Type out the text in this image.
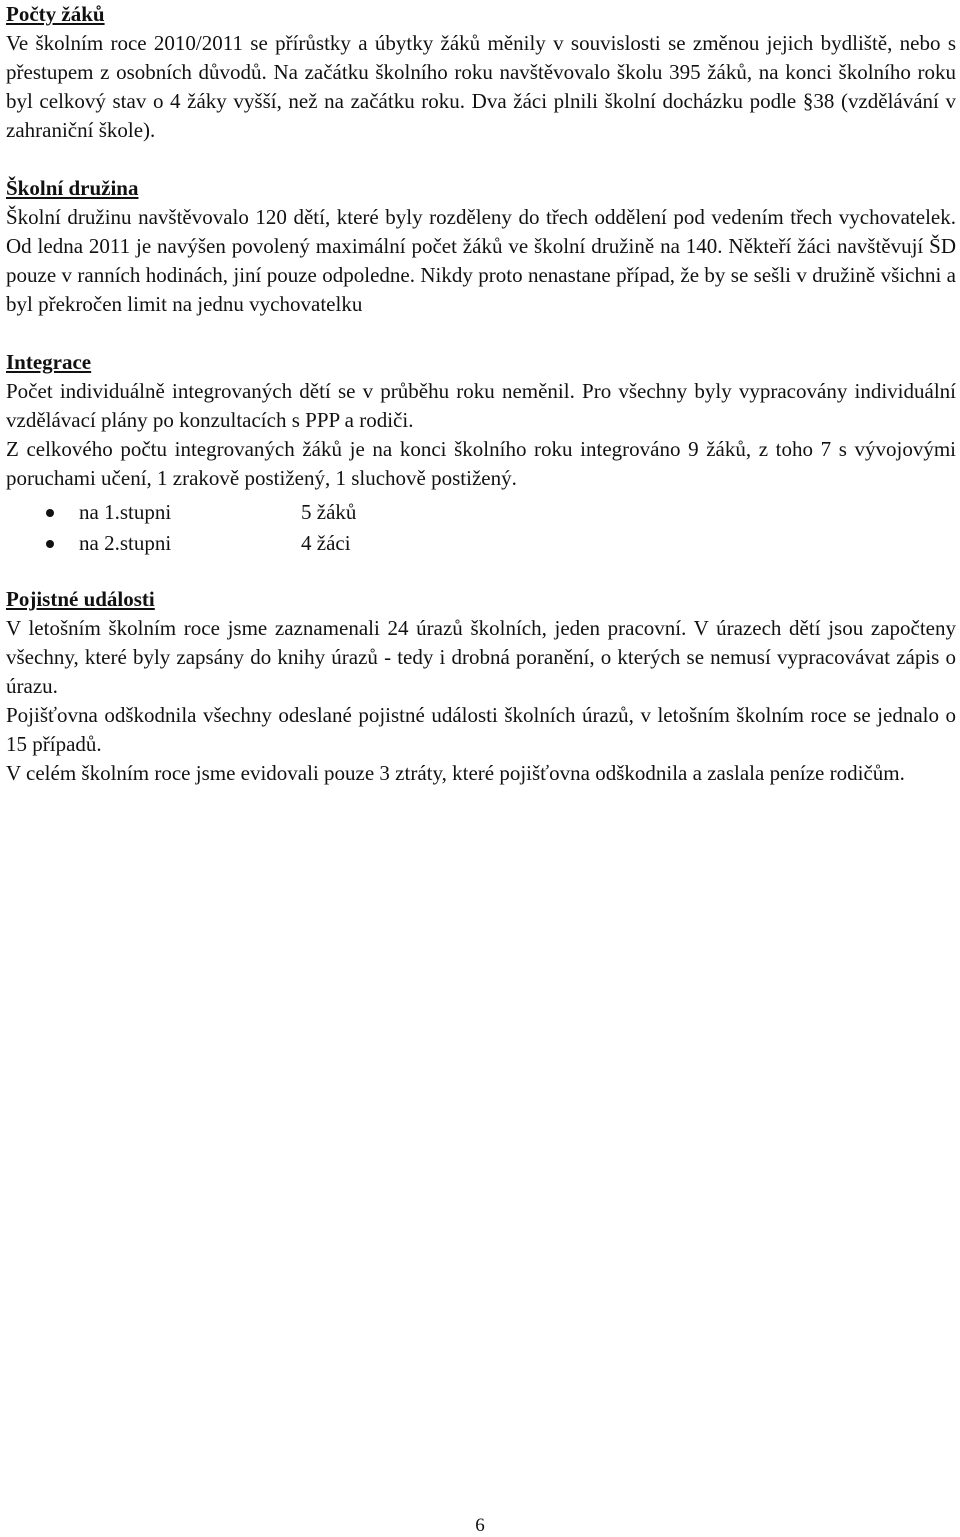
Počty žáků

Ve školním roce 2010/2011 se přírůstky a úbytky žáků měnily v souvislosti se změnou jejich bydliště, nebo s přestupem z osobních důvodů. Na začátku školního roku navštěvovalo školu 395 žáků, na konci školního roku byl celkový stav o 4 žáky vyšší, než na začátku roku. Dva žáci plnili školní docházku podle §38 (vzdělávání v zahraniční škole).

Školní družina

Školní družinu navštěvovalo 120 dětí, které byly rozděleny do třech oddělení pod vedením třech vychovatelek. Od ledna 2011 je navýšen povolený maximální počet žáků ve školní družině na 140. Někteří žáci navštěvují ŠD pouze v ranních hodinách, jiní pouze odpoledne. Nikdy proto nenastane případ, že by se sešli v družině všichni a byl překročen limit na jednu vychovatelku

Integrace

Počet individuálně integrovaných dětí se v průběhu roku neměnil. Pro všechny byly vypracovány individuální vzdělávací plány po konzultacích s PPP a rodiči.

Z celkového počtu integrovaných žáků je na konci školního roku integrováno 9 žáků, z toho 7 s vývojovými poruchami učení, 1 zrakově postižený, 1 sluchově postižený.

na 1.stupni	5 žáků
na 2.stupni	4 žáci

Pojistné události

V letošním školním roce jsme zaznamenali 24 úrazů školních, jeden pracovní. V úrazech dětí jsou započteny všechny, které byly zapsány do knihy úrazů - tedy i drobná poranění, o kterých se nemusí vypracovávat zápis o úrazu.

Pojišťovna odškodnila všechny odeslané pojistné události školních úrazů, v letošním školním roce se jednalo o 15 případů.

V celém školním roce jsme evidovali pouze 3 ztráty, které pojišťovna odškodnila a zaslala peníze rodičům.

6
